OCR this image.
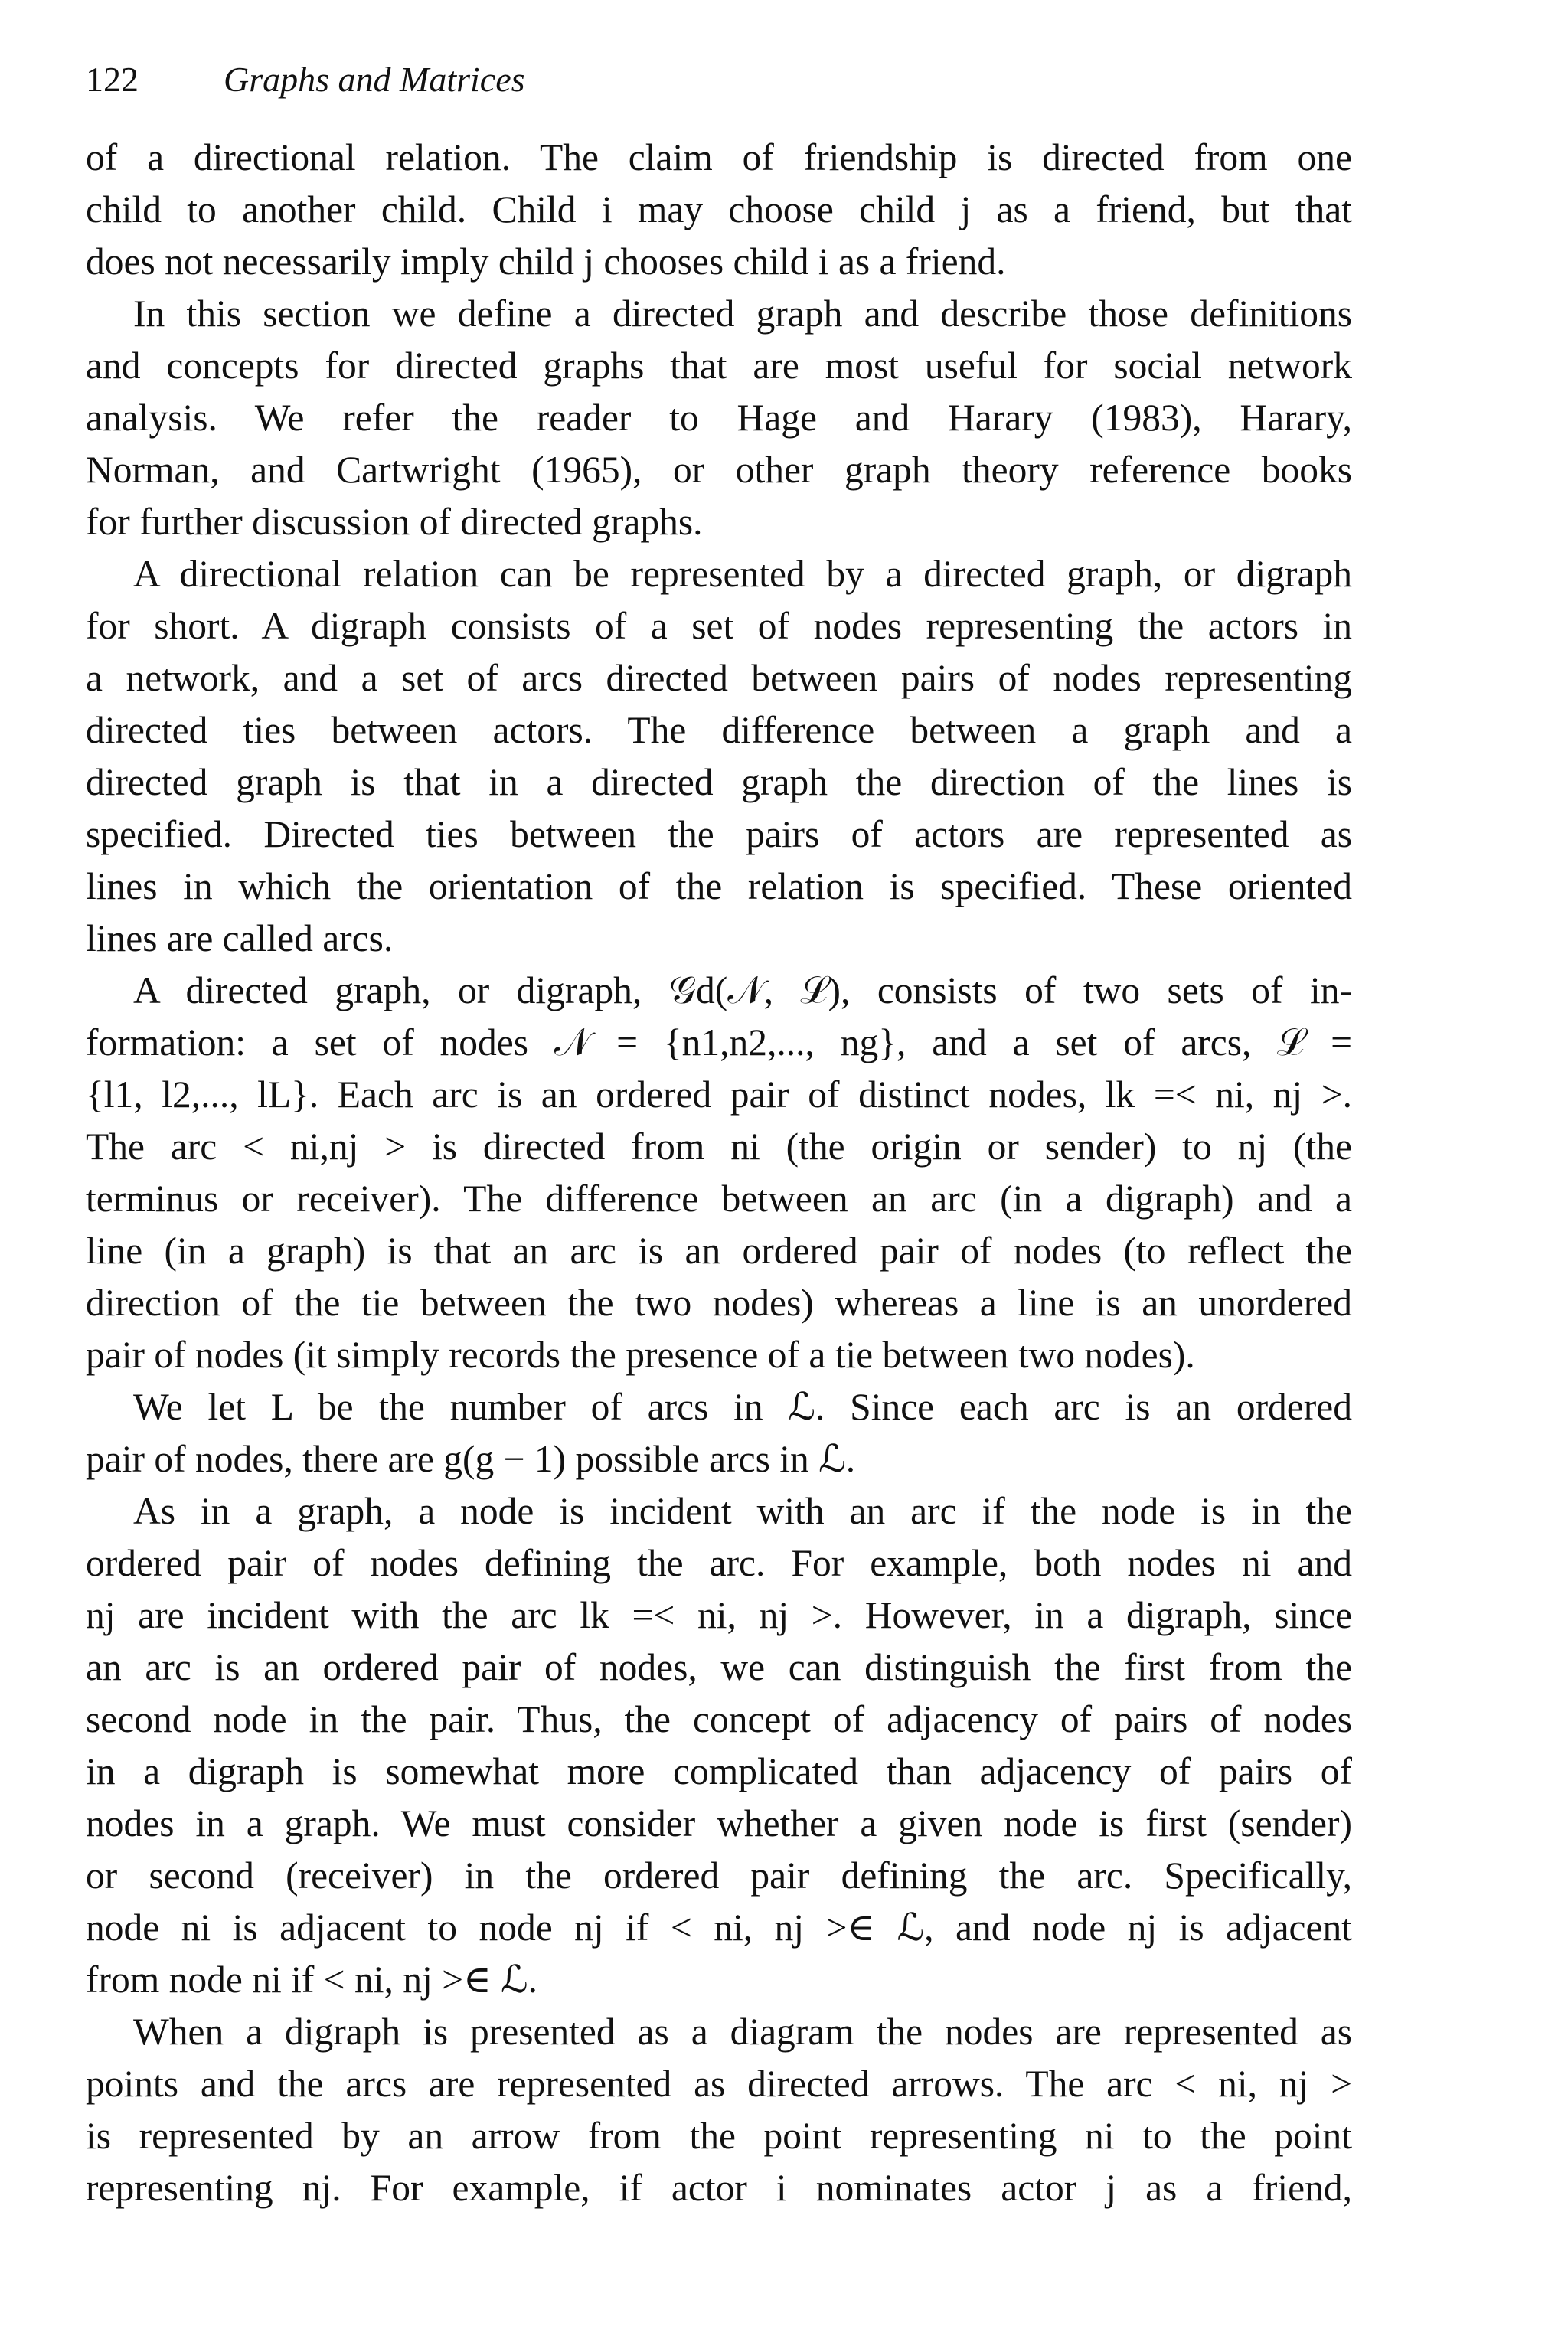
122 Graphs and Matrices
of a directional relation. The claim of friendship is directed from one
child to another child. Child i may choose child j as a friend, but that
does not necessarily imply child j chooses child i as a friend.
In this section we define a directed graph and describe those definitions
and concepts for directed graphs that are most useful for social network
analysis. We refer the reader to Hage and Harary (1983), Harary,
Norman, and Cartwright (1965), or other graph theory reference books
for further discussion of directed graphs.
A directional relation can be represented by a directed graph, or digraph
for short. A digraph consists of a set of nodes representing the actors in
a network, and a set of arcs directed between pairs of nodes representing
directed ties between actors. The difference between a graph and a
directed graph is that in a directed graph the direction of the lines is
specified. Directed ties between the pairs of actors are represented as
lines in which the orientation of the relation is specified. These oriented
lines are called arcs.
A directed graph, or digraph, 𝒢d(𝒩, ℒ), consists of two sets of in-
formation: a set of nodes 𝒩 = {n1,n2,..., ng}, and a set of arcs, ℒ =
{l1, l2,..., lL}. Each arc is an ordered pair of distinct nodes, lk =< ni, nj >.
The arc < ni,nj > is directed from ni (the origin or sender) to nj (the
terminus or receiver). The difference between an arc (in a digraph) and a
line (in a graph) is that an arc is an ordered pair of nodes (to reflect the
direction of the tie between the two nodes) whereas a line is an unordered
pair of nodes (it simply records the presence of a tie between two nodes).
We let L be the number of arcs in ℒ. Since each arc is an ordered
pair of nodes, there are g(g − 1) possible arcs in ℒ.
As in a graph, a node is incident with an arc if the node is in the
ordered pair of nodes defining the arc. For example, both nodes ni and
nj are incident with the arc lk =< ni, nj >. However, in a digraph, since
an arc is an ordered pair of nodes, we can distinguish the first from the
second node in the pair. Thus, the concept of adjacency of pairs of nodes
in a digraph is somewhat more complicated than adjacency of pairs of
nodes in a graph. We must consider whether a given node is first (sender)
or second (receiver) in the ordered pair defining the arc. Specifically,
node ni is adjacent to node nj if < ni, nj >∈ ℒ, and node nj is adjacent
from node ni if < ni, nj >∈ ℒ.
When a digraph is presented as a diagram the nodes are represented as
points and the arcs are represented as directed arrows. The arc < ni, nj >
is represented by an arrow from the point representing ni to the point
representing nj. For example, if actor i nominates actor j as a friend,
